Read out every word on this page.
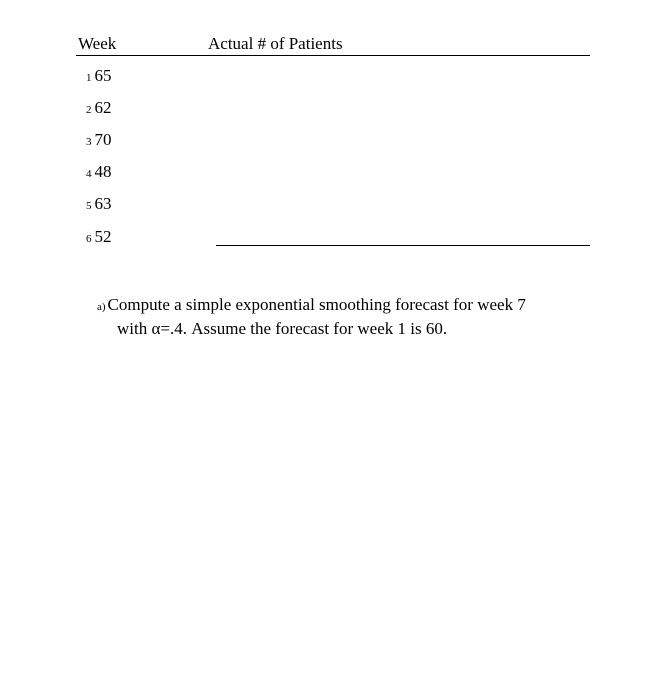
Week	Actual # of Patients
1 65
2 62
3 70
4 48
5 63
6 52
a) Compute a simple exponential smoothing forecast for week 7
with α=.4. Assume the forecast for week 1 is 60.
